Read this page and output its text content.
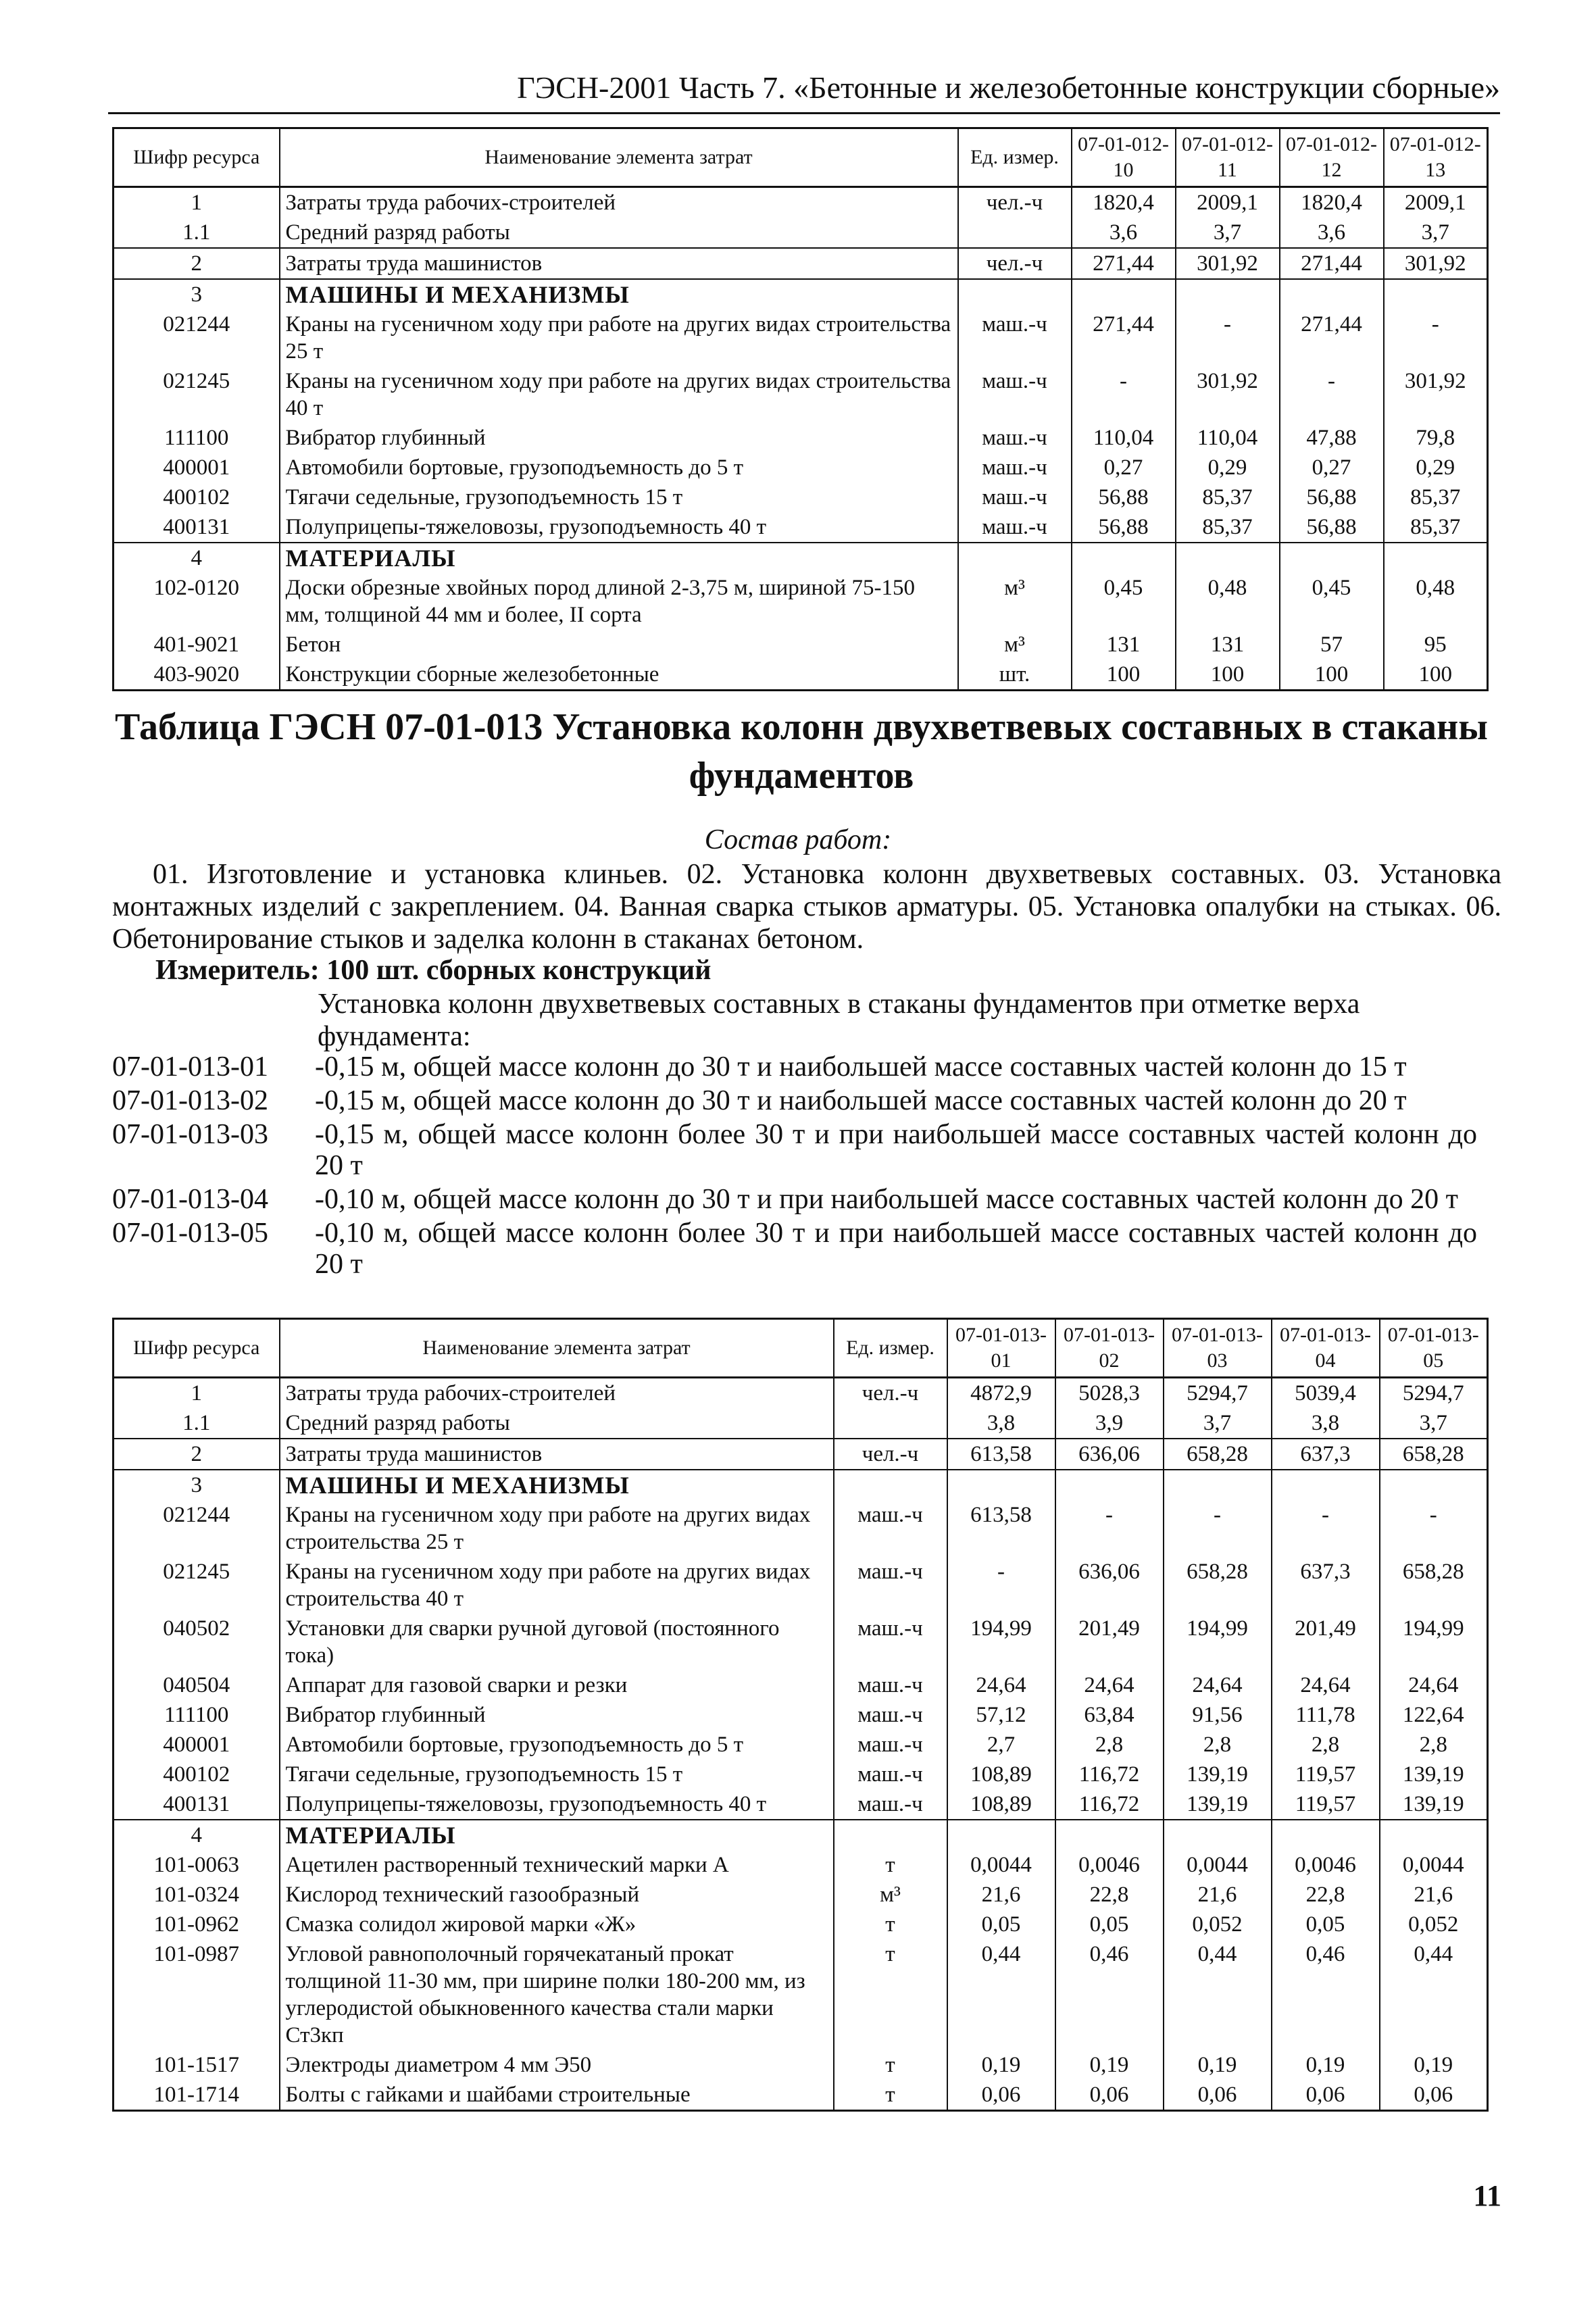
ГЭСН-2001 Часть 7. «Бетонные и железобетонные конструкции сборные»
Шифр ресурса	Наименование элемента затрат	Ед. измер.	07-01-012-10	07-01-012-11	07-01-012-12	07-01-012-13
1	Затраты труда рабочих-строителей	чел.-ч	1820,4	2009,1	1820,4	2009,1
1.1	Средний разряд работы		3,6	3,7	3,6	3,7
2	Затраты труда машинистов	чел.-ч	271,44	301,92	271,44	301,92
3	МАШИНЫ И МЕХАНИЗМЫ					
021244	Краны на гусеничном ходу при работе на других видах строительства 25 т	маш.-ч	271,44	-	271,44	-
021245	Краны на гусеничном ходу при работе на других видах строительства 40 т	маш.-ч	-	301,92	-	301,92
111100	Вибратор глубинный	маш.-ч	110,04	110,04	47,88	79,8
400001	Автомобили бортовые, грузоподъемность до 5 т	маш.-ч	0,27	0,29	0,27	0,29
400102	Тягачи седельные, грузоподъемность 15 т	маш.-ч	56,88	85,37	56,88	85,37
400131	Полуприцепы-тяжеловозы, грузоподъемность 40 т	маш.-ч	56,88	85,37	56,88	85,37
4	МАТЕРИАЛЫ					
102-0120	Доски обрезные хвойных пород длиной 2-3,75 м, шириной 75-150 мм, толщиной 44 мм и более, II сорта	м³	0,45	0,48	0,45	0,48
401-9021	Бетон	м³	131	131	57	95
403-9020	Конструкции сборные железобетонные	шт.	100	100	100	100
Таблица ГЭСН 07-01-013 Установка колонн двухветвевых составных в стаканы фундаментов
Состав работ:
01. Изготовление и установка клиньев. 02. Установка колонн двухветвевых составных. 03. Установка монтажных изделий с закреплением. 04. Ванная сварка стыков арматуры. 05. Установка опалубки на стыках. 06. Обетонирование стыков и заделка колонн в стаканах бетоном.
Измеритель: 100 шт. сборных конструкций
Установка колонн двухветвевых составных в стаканы фундаментов при отметке верха фундамента:
07-01-013-01	-0,15 м, общей массе колонн до 30 т и наибольшей массе составных частей колонн до 15 т
07-01-013-02	-0,15 м, общей массе колонн до 30 т и наибольшей массе составных частей колонн до 20 т
07-01-013-03	-0,15 м, общей массе колонн более 30 т и при наибольшей массе составных частей колонн до 20 т
07-01-013-04	-0,10 м, общей массе колонн до 30 т и при наибольшей массе составных частей колонн до 20 т
07-01-013-05	-0,10 м, общей массе колонн более 30 т и при наибольшей массе составных частей колонн до 20 т
Шифр ресурса	Наименование элемента затрат	Ед. измер.	07-01-013-01	07-01-013-02	07-01-013-03	07-01-013-04	07-01-013-05
1	Затраты труда рабочих-строителей	чел.-ч	4872,9	5028,3	5294,7	5039,4	5294,7
1.1	Средний разряд работы		3,8	3,9	3,7	3,8	3,7
2	Затраты труда машинистов	чел.-ч	613,58	636,06	658,28	637,3	658,28
3	МАШИНЫ И МЕХАНИЗМЫ						
021244	Краны на гусеничном ходу при работе на других видах строительства 25 т	маш.-ч	613,58	-	-	-	-
021245	Краны на гусеничном ходу при работе на других видах строительства 40 т	маш.-ч	-	636,06	658,28	637,3	658,28
040502	Установки для сварки ручной дуговой (постоянного тока)	маш.-ч	194,99	201,49	194,99	201,49	194,99
040504	Аппарат для газовой сварки и резки	маш.-ч	24,64	24,64	24,64	24,64	24,64
111100	Вибратор глубинный	маш.-ч	57,12	63,84	91,56	111,78	122,64
400001	Автомобили бортовые, грузоподъемность до 5 т	маш.-ч	2,7	2,8	2,8	2,8	2,8
400102	Тягачи седельные, грузоподъемность 15 т	маш.-ч	108,89	116,72	139,19	119,57	139,19
400131	Полуприцепы-тяжеловозы, грузоподъемность 40 т	маш.-ч	108,89	116,72	139,19	119,57	139,19
4	МАТЕРИАЛЫ						
101-0063	Ацетилен растворенный технический марки А	т	0,0044	0,0046	0,0044	0,0046	0,0044
101-0324	Кислород технический газообразный	м³	21,6	22,8	21,6	22,8	21,6
101-0962	Смазка солидол жировой марки «Ж»	т	0,05	0,05	0,052	0,05	0,052
101-0987	Угловой равнополочный горячекатаный прокат толщиной 11-30 мм, при ширине полки 180-200 мм, из углеродистой обыкновенного качества стали марки Ст3кп	т	0,44	0,46	0,44	0,46	0,44
101-1517	Электроды диаметром 4 мм Э50	т	0,19	0,19	0,19	0,19	0,19
101-1714	Болты с гайками и шайбами строительные	т	0,06	0,06	0,06	0,06	0,06
11
